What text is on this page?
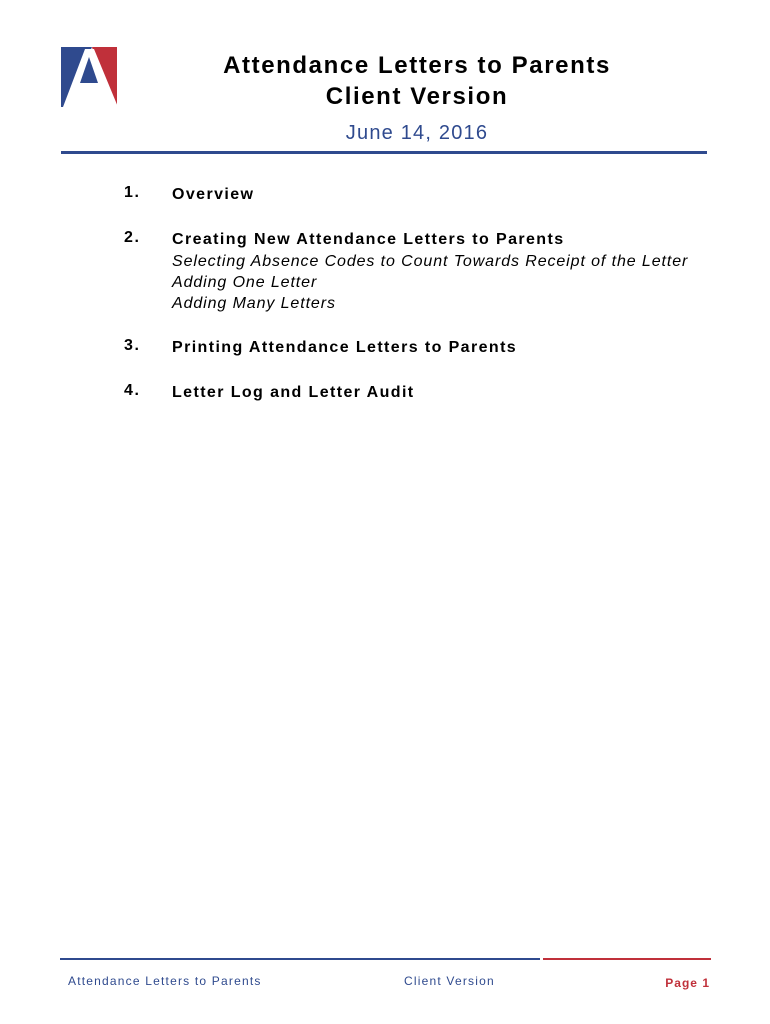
Attendance Letters to Parents
Client Version
June 14, 2016
1.	Overview
2.	Creating New Attendance Letters to Parents
Selecting Absence Codes to Count Towards Receipt of the Letter
Adding One Letter
Adding Many Letters
3.	Printing Attendance Letters to Parents
4.	Letter Log and Letter Audit
Attendance Letters to Parents	Client Version	Page 1
